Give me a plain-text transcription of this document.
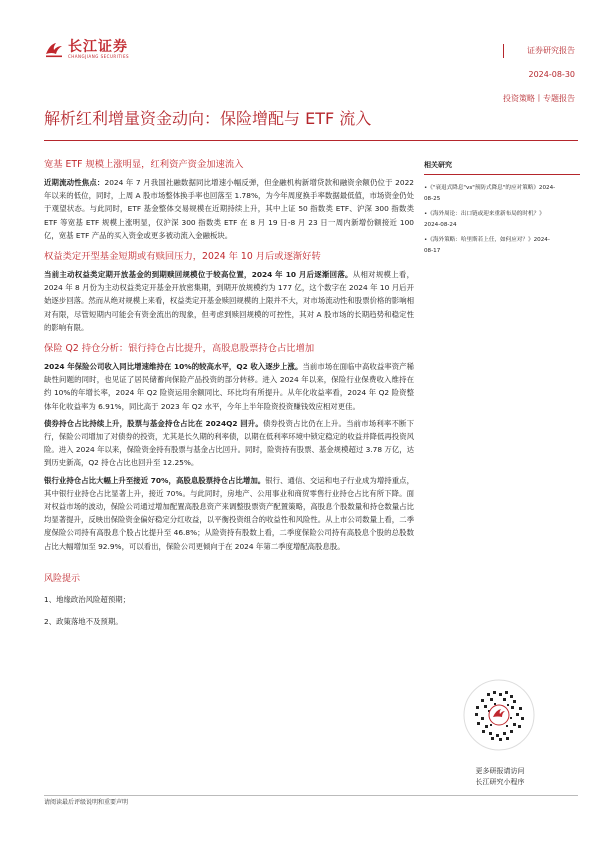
长江证券
CHANGJIANG SECURITIES
证券研究报告
2024-08-30
投资策略丨专题报告
解析红利增量资金动向：保险增配与 ETF 流入
宽基 ETF 规模上涨明显，红利资产资金加速流入
近期流动性焦点：2024 年 7 月我国社融数据同比增速小幅反弹，但金融机构新增贷款和融资余额仍位于 2022 年以来的低位，同时，上周 A 股市场整体换手率也回落至 1.78%，为今年周度换手率数据最低值，市场资金仍处于观望状态。与此同时，ETF 基金整体交易规模在近期持续上升，其中上证 50 指数类 ETF、沪深 300 指数类 ETF 等宽基 ETF 规模上涨明显，仅沪深 300 指数类 ETF 在 8 月 19 日-8 月 23 日一周内新增份额接近 100 亿，宽基 ETF 产品的买入资金或更多被动流入金融板块。
权益类定开型基金短期或有赎回压力，2024 年 10 月后或逐渐好转
当前主动权益类定期开放基金的到期赎回规模位于较高位置，2024 年 10 月后逐渐回落。从相对规模上看，2024 年 8 月份为主动权益类定开基金开放密集期，到期开放规模约为 177 亿，这个数字在 2024 年 10 月后开始逐步回落。然而从绝对规模上来看，权益类定开基金赎回规模的上限并不大，对市场流动性和股票价格的影响相对有限，尽管短期内可能会有资金流出的现象，但考虑到赎回规模的可控性，其对 A 股市场的长期趋势和稳定性的影响有限。
保险 Q2 持仓分析：银行持仓占比提升，高股息股票持仓占比增加
2024 年保险公司收入同比增速维持在 10%的较高水平，Q2 收入逐步上涨。当前市场在面临中高收益率资产稀缺性问题的同时，也见证了居民储蓄向保险产品投资的部分转移。进入 2024 年以来，保险行业保费收入维持在约 10%的年增长率，2024 年 Q2 险资运用余额同比、环比均有所提升。从年化收益率看，2024 年 Q2 险资整体年化收益率为 6.91%，同比高于 2023 年 Q2 水平，今年上半年险资投资赚钱效应相对更佳。
债券持仓占比持续上升，股票与基金持仓占比在 2024Q2 回升。债券投资占比仍在上升。当前市场利率不断下行，保险公司增加了对债券的投资，尤其是长久期的利率债，以期在低利率环境中锁定稳定的收益并降低再投资风险。进入 2024 年以来，保险资金持有股票与基金占比回升。同时，险资持有股票、基金规模超过 3.78 万亿，达到历史新高，Q2 持仓占比也回升至 12.25%。
银行业持仓占比大幅上升至接近 70%，高股息股票持仓占比增加。银行、通信、交运和电子行业成为增持重点，其中银行业持仓占比显著上升，接近 70%。与此同时，房地产、公用事业和商贸零售行业持仓占比有所下降。面对权益市场的波动，保险公司通过增加配置高股息资产来调整股票资产配置策略，高股息个股数量和持仓数量占比均显著提升，反映出保险资金偏好稳定分红收益，以平衡投资组合的收益性和风险性。从上市公司数量上看，二季度保险公司持有高股息个股占比提升至 46.8%；从险资持有股数上看，二季度保险公司持有高股息个股的总股数占比大幅增加至 92.9%，可以看出，保险公司更倾向于在 2024 年第二季度增配高股息股。
风险提示
1、地缘政治风险超预期；
2、政策落地不及预期。
相关研究
•《"衰退式降息"vs"预防式降息"的应对策略》2024-
08-25
•《海外周论：出口链或迎来重新布局的时机？》
2024-08-24
•《海外策略：哈里斯若上任，如何应对？》2024-
08-17
更多研报请访问
长江研究小程序
请阅读最后评级说明和重要声明
